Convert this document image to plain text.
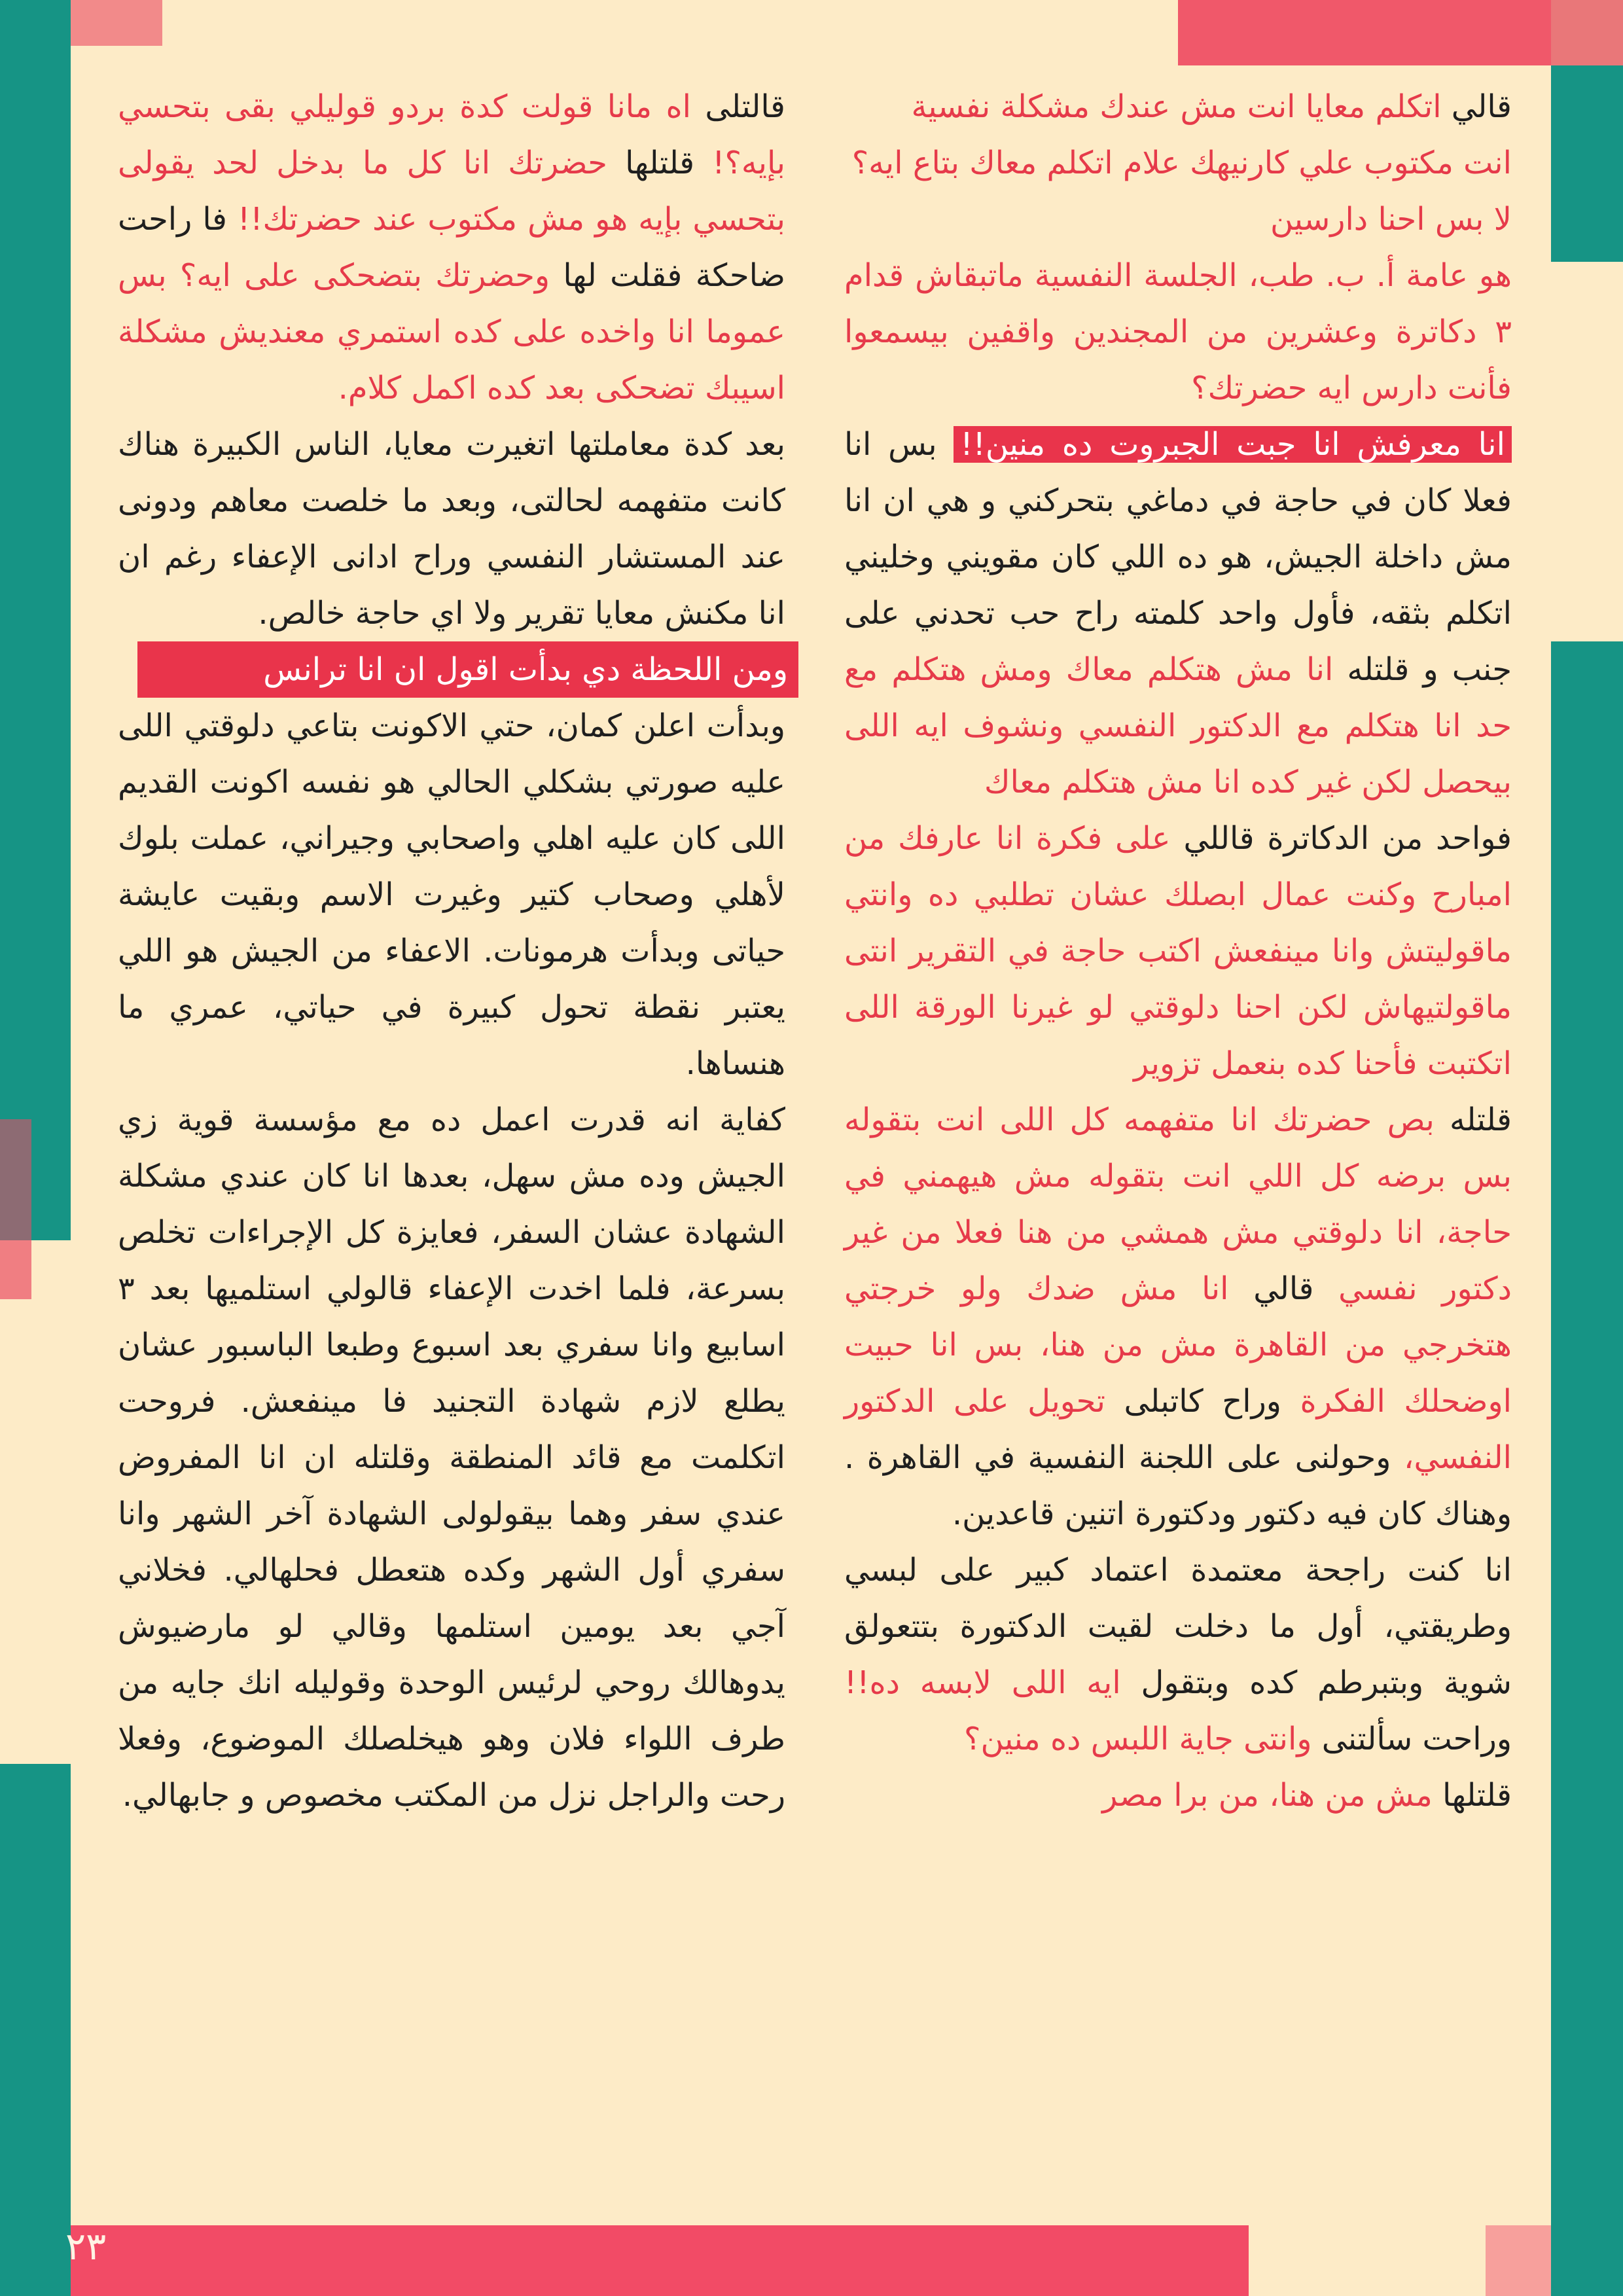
٢٣

قالي اتكلم معايا انت مش عندك مشكلة نفسية

انت مكتوب علي كارنيهك علام اتكلم معاك بتاع ايه؟

لا بس احنا دارسين

هو عامة أ. ب. طب، الجلسة النفسية ماتبقاش قدام ٣ دكاترة وعشرين من المجندين واقفين بيسمعوا فأنت دارس ايه حضرتك؟

انا معرفش انا جبت الجبروت ده منين!! بس انا فعلا كان في حاجة في دماغي بتحركني و هي ان انا مش داخلة الجيش، هو ده اللي كان مقويني وخليني اتكلم بثقه، فأول واحد كلمته راح حب تحدني على جنب و قلتله انا مش هتكلم معاك ومش هتكلم مع حد انا هتكلم مع الدكتور النفسي ونشوف ايه اللى بيحصل لكن غير كده انا مش هتكلم معاك

فواحد من الدكاترة قاللي على فكرة انا عارفك من امبارح وكنت عمال ابصلك عشان تطلبي ده وانتي ماقوليتش وانا مينفعش اكتب حاجة في التقرير انتى ماقولتيهاش لكن احنا دلوقتي لو غيرنا الورقة اللى اتكتبت فأحنا كده بنعمل تزوير

قلتله بص حضرتك انا متفهمه كل اللى انت بتقوله بس برضه كل اللي انت بتقوله مش هيهمني في حاجة، انا دلوقتي مش همشي من هنا فعلا من غير دكتور نفسي قالي انا مش ضدك ولو خرجتي هتخرجي من القاهرة مش من هنا، بس انا حبيت اوضحلك الفكرة وراح كاتبلى تحويل على الدكتور النفسي، وحولنى على اللجنة النفسية في القاهرة . وهناك كان فيه دكتور ودكتورة اتنين قاعدين.

انا كنت راجحة معتمدة اعتماد كبير على لبسي وطريقتي، أول ما دخلت لقيت الدكتورة بتتعولق شوية وبتبرطم كده وبتقول ايه اللى لابسه ده!! وراحت سألتنى وانتى جاية اللبس ده منين؟

قلتلها مش من هنا، من برا مصر

قالتلى اه مانا قولت كدة بردو قوليلي بقى بتحسي بإيه؟! قلتلها حضرتك انا كل ما بدخل لحد يقولى بتحسي بإيه هو مش مكتوب عند حضرتك!! فا راحت ضاحكة فقلت لها وحضرتك بتضحكى على ايه؟ بس عموما انا واخده على كده استمري معنديش مشكلة اسيبك تضحكى بعد كده اكمل كلام.

بعد كدة معاملتها اتغيرت معايا، الناس الكبيرة هناك كانت متفهمه لحالتى، وبعد ما خلصت معاهم ودونى عند المستشار النفسي وراح ادانى الإعفاء رغم ان انا مكنش معايا تقرير ولا اي حاجة خالص.

ومن اللحظة دي بدأت اقول ان انا ترانس
وبدأت اعلن كمان، حتي الاكونت بتاعي دلوقتي اللى عليه صورتي بشكلي الحالي هو نفسه اكونت القديم اللى كان عليه اهلي واصحابي وجيراني، عملت بلوك لأهلي وصحاب كتير وغيرت الاسم وبقيت عايشة حياتى وبدأت هرمونات. الاعفاء من الجيش هو اللي يعتبر نقطة تحول كبيرة في حياتي، عمري ما هنساها.

كفاية انه قدرت اعمل ده مع مؤسسة قوية زي الجيش وده مش سهل، بعدها انا كان عندي مشكلة الشهادة عشان السفر، فعايزة كل الإجراءات تخلص بسرعة، فلما اخدت الإعفاء قالولي استلميها بعد ٣ اسابيع وانا سفري بعد اسبوع وطبعا الباسبور عشان يطلع لازم شهادة التجنيد فا مينفعش. فروحت اتكلمت مع قائد المنطقة وقلتله ان انا المفروض عندي سفر وهما بيقولولى الشهادة آخر الشهر وانا سفري أول الشهر وكده هتعطل فحلهالي. فخلاني آجي بعد يومين استلمها وقالي لو مارضيوش يدوهالك روحي لرئيس الوحدة وقوليله انك جايه من طرف اللواء فلان وهو هيخلصلك الموضوع، وفعلا رحت والراجل نزل من المكتب مخصوص و جابهالي.
